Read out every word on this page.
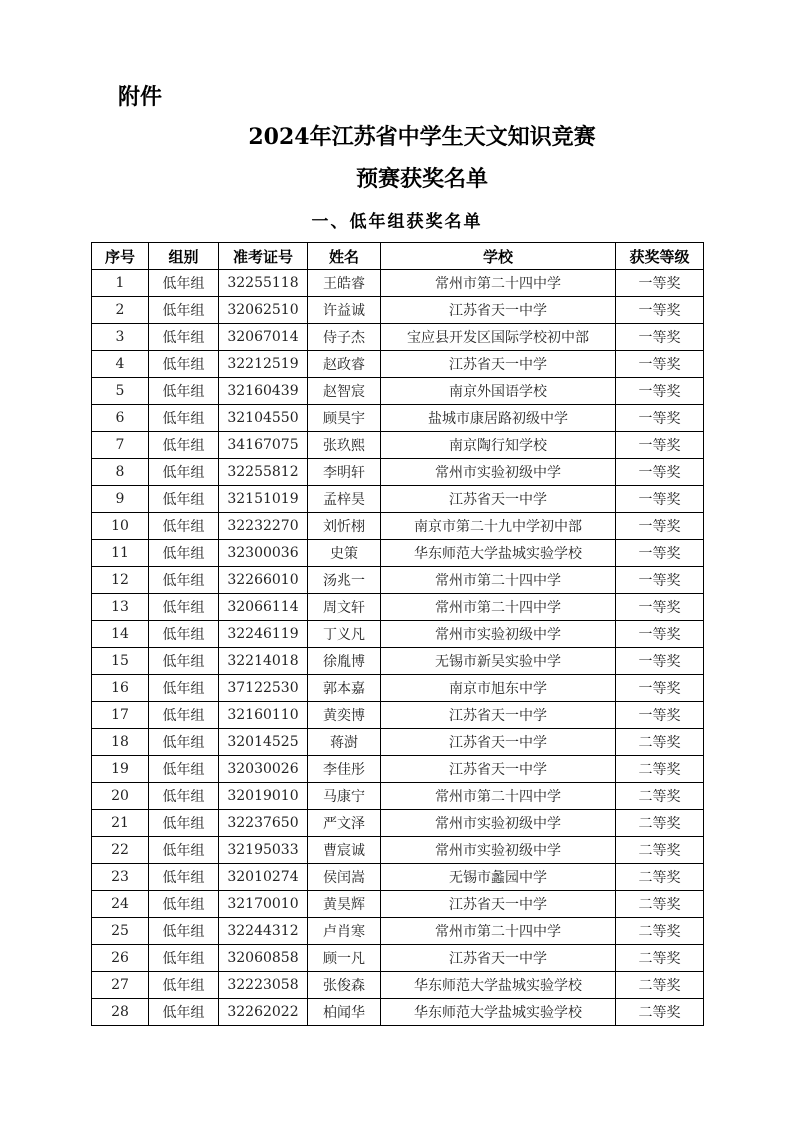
附件
2024年江苏省中学生天文知识竞赛
预赛获奖名单
一、低年组获奖名单
序号	组别	准考证号	姓名	学校	获奖等级
1	低年组	32255118	王皓睿	常州市第二十四中学	一等奖
2	低年组	32062510	许益诚	江苏省天一中学	一等奖
3	低年组	32067014	侍子杰	宝应县开发区国际学校初中部	一等奖
4	低年组	32212519	赵政睿	江苏省天一中学	一等奖
5	低年组	32160439	赵智宸	南京外国语学校	一等奖
6	低年组	32104550	顾昊宇	盐城市康居路初级中学	一等奖
7	低年组	34167075	张玖熙	南京陶行知学校	一等奖
8	低年组	32255812	李明轩	常州市实验初级中学	一等奖
9	低年组	32151019	孟梓昊	江苏省天一中学	一等奖
10	低年组	32232270	刘忻栩	南京市第二十九中学初中部	一等奖
11	低年组	32300036	史策	华东师范大学盐城实验学校	一等奖
12	低年组	32266010	汤兆一	常州市第二十四中学	一等奖
13	低年组	32066114	周文轩	常州市第二十四中学	一等奖
14	低年组	32246119	丁义凡	常州市实验初级中学	一等奖
15	低年组	32214018	徐胤博	无锡市新吴实验中学	一等奖
16	低年组	37122530	郭本嘉	南京市旭东中学	一等奖
17	低年组	32160110	黄奕博	江苏省天一中学	一等奖
18	低年组	32014525	蒋澍	江苏省天一中学	二等奖
19	低年组	32030026	李佳彤	江苏省天一中学	二等奖
20	低年组	32019010	马康宁	常州市第二十四中学	二等奖
21	低年组	32237650	严文泽	常州市实验初级中学	二等奖
22	低年组	32195033	曹宸诚	常州市实验初级中学	二等奖
23	低年组	32010274	侯闰嵩	无锡市蠡园中学	二等奖
24	低年组	32170010	黄昊辉	江苏省天一中学	二等奖
25	低年组	32244312	卢肖寒	常州市第二十四中学	二等奖
26	低年组	32060858	顾一凡	江苏省天一中学	二等奖
27	低年组	32223058	张俊森	华东师范大学盐城实验学校	二等奖
28	低年组	32262022	柏闻华	华东师范大学盐城实验学校	二等奖
